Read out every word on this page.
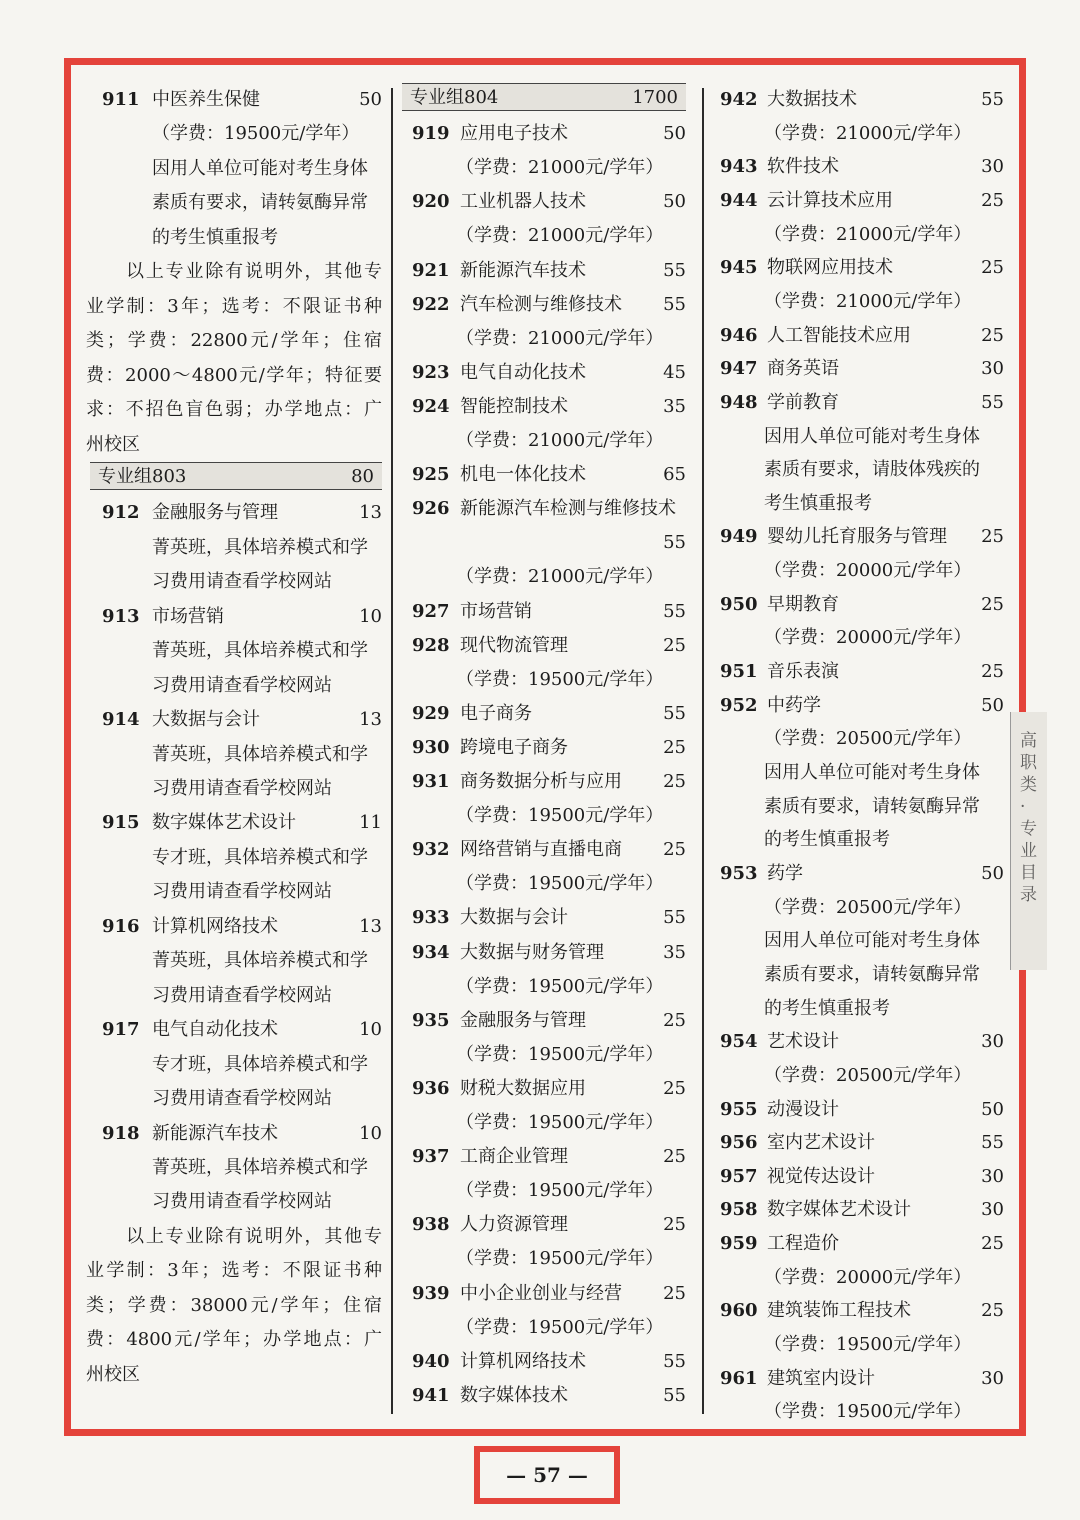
911 中医养生保健	50
（学费：19500元/学年）
因用人单位可能对考生身体
素质有要求，请转氨酶异常
的考生慎重报考
以上专业除有说明外，其他专
业学制：3年；选考：不限证书种
类；学费：22800元/学年；住宿
费：2000～4800元/学年；特征要
求：不招色盲色弱；办学地点：广
州校区
专业组803	80
912 金融服务与管理	13
菁英班，具体培养模式和学
习费用请查看学校网站
913 市场营销	10
菁英班，具体培养模式和学
习费用请查看学校网站
914 大数据与会计	13
菁英班，具体培养模式和学
习费用请查看学校网站
915 数字媒体艺术设计	11
专才班，具体培养模式和学
习费用请查看学校网站
916 计算机网络技术	13
菁英班，具体培养模式和学
习费用请查看学校网站
917 电气自动化技术	10
专才班，具体培养模式和学
习费用请查看学校网站
918 新能源汽车技术	10
菁英班，具体培养模式和学
习费用请查看学校网站
以上专业除有说明外，其他专
业学制：3年；选考：不限证书种
类；学费：38000元/学年；住宿
费：4800元/学年；办学地点：广
州校区
专业组804	1700
919 应用电子技术	50
（学费：21000元/学年）
920 工业机器人技术	50
（学费：21000元/学年）
921 新能源汽车技术	55
922 汽车检测与维修技术 55
（学费：21000元/学年）
923 电气自动化技术	45
924 智能控制技术	35
（学费：21000元/学年）
925 机电一体化技术	65
926 新能源汽车检测与维修技术
55
（学费：21000元/学年）
927 市场营销	55
928 现代物流管理	25
（学费：19500元/学年）
929 电子商务	55
930 跨境电子商务	25
931 商务数据分析与应用 25
（学费：19500元/学年）
932 网络营销与直播电商 25
（学费：19500元/学年）
933 大数据与会计	55
934 大数据与财务管理	35
（学费：19500元/学年）
935 金融服务与管理	25
（学费：19500元/学年）
936 财税大数据应用	25
（学费：19500元/学年）
937 工商企业管理	25
（学费：19500元/学年）
938 人力资源管理	25
（学费：19500元/学年）
939 中小企业创业与经营 25
（学费：19500元/学年）
940 计算机网络技术	55
941 数字媒体技术	55
942 大数据技术	55
（学费：21000元/学年）
943 软件技术	30
944 云计算技术应用	25
（学费：21000元/学年）
945 物联网应用技术	25
（学费：21000元/学年）
946 人工智能技术应用	25
947 商务英语	30
948 学前教育	55
因用人单位可能对考生身体
素质有要求，请肢体残疾的
考生慎重报考
949 婴幼儿托育服务与管理 25
（学费：20000元/学年）
950 早期教育	25
（学费：20000元/学年）
951 音乐表演	25
952 中药学	50
（学费：20500元/学年）
因用人单位可能对考生身体
素质有要求，请转氨酶异常
的考生慎重报考
953 药学	50
（学费：20500元/学年）
因用人单位可能对考生身体
素质有要求，请转氨酶异常
的考生慎重报考
954 艺术设计	30
（学费：20500元/学年）
955 动漫设计	50
956 室内艺术设计	55
957 视觉传达设计	30
958 数字媒体艺术设计	30
959 工程造价	25
（学费：20000元/学年）
960 建筑装饰工程技术	25
（学费：19500元/学年）
961 建筑室内设计	30
（学费：19500元/学年）
高职类·专业目录
— 57 —
